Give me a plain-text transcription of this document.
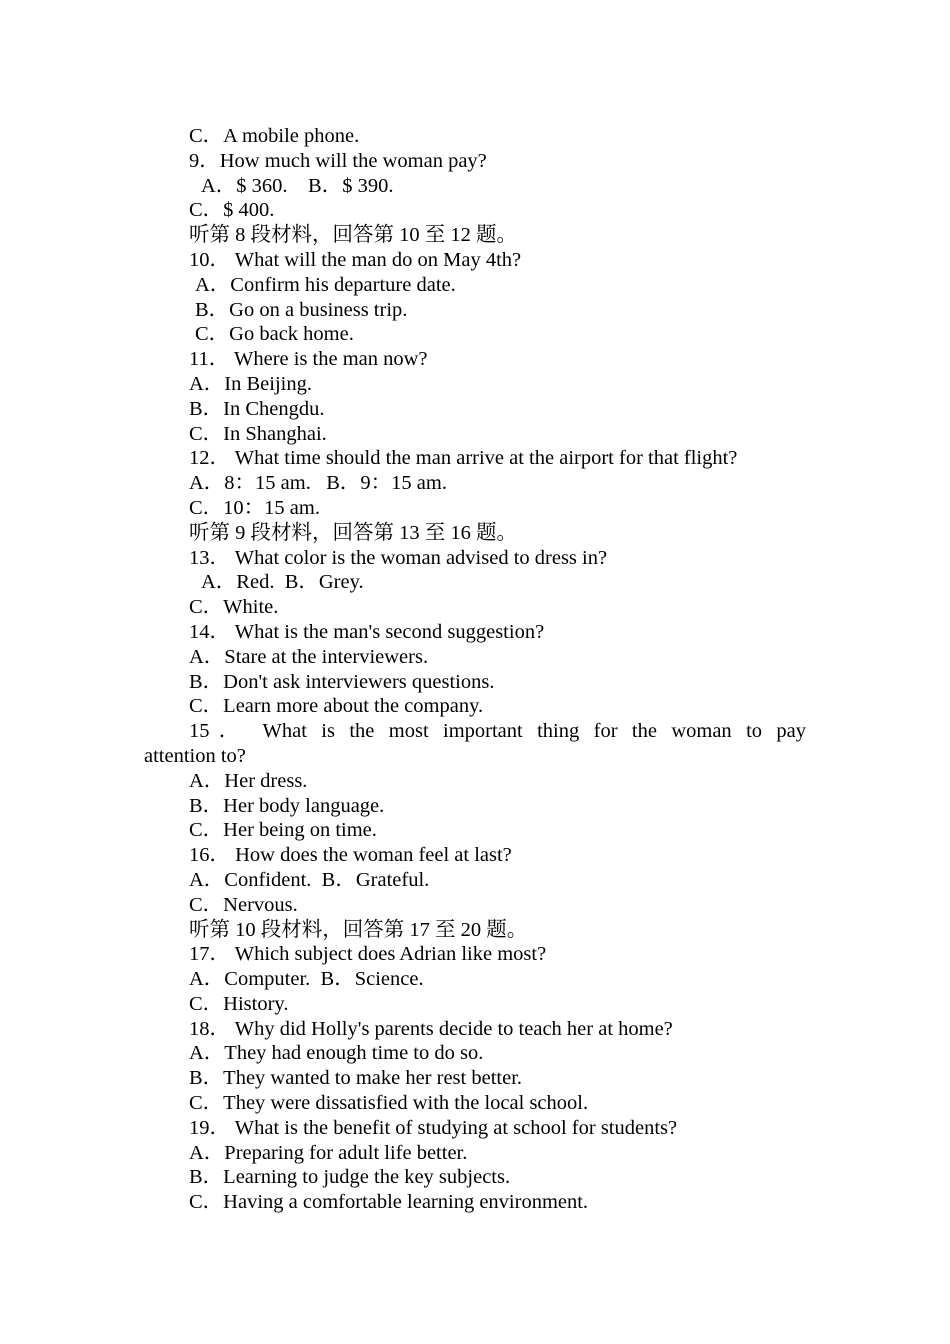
C．A mobile phone.
9．How much will the woman pay?
A．$ 360.    B．$ 390.
C．$ 400.
听第 8 段材料，回答第 10 至 12 题。
10． What will the man do on May 4th?
A．Confirm his departure date.
B．Go on a business trip.
C．Go back home.
11． Where is the man now?
A．In Beijing.
B．In Chengdu.
C．In Shanghai.
12． What time should the man arrive at the airport for that flight?
A．8：15 am.   B．9：15 am.
C．10：15 am.
听第 9 段材料，回答第 13 至 16 题。
13． What color is the woman advised to dress in?
A．Red.  B．Grey.
C．White.
14． What is the man's second suggestion?
A．Stare at the interviewers.
B．Don't ask interviewers questions.
C．Learn more about the company.
15． What is the most important thing for the woman to pay
attention to?
A．Her dress.
B．Her body language.
C．Her being on time.
16． How does the woman feel at last?
A．Confident.  B．Grateful.
C．Nervous.
听第 10 段材料，回答第 17 至 20 题。
17． Which subject does Adrian like most?
A．Computer.  B．Science.
C．History.
18． Why did Holly's parents decide to teach her at home?
A．They had enough time to do so.
B．They wanted to make her rest better.
C．They were dissatisfied with the local school.
19． What is the benefit of studying at school for students?
A．Preparing for adult life better.
B．Learning to judge the key subjects.
C．Having a comfortable learning environment.
